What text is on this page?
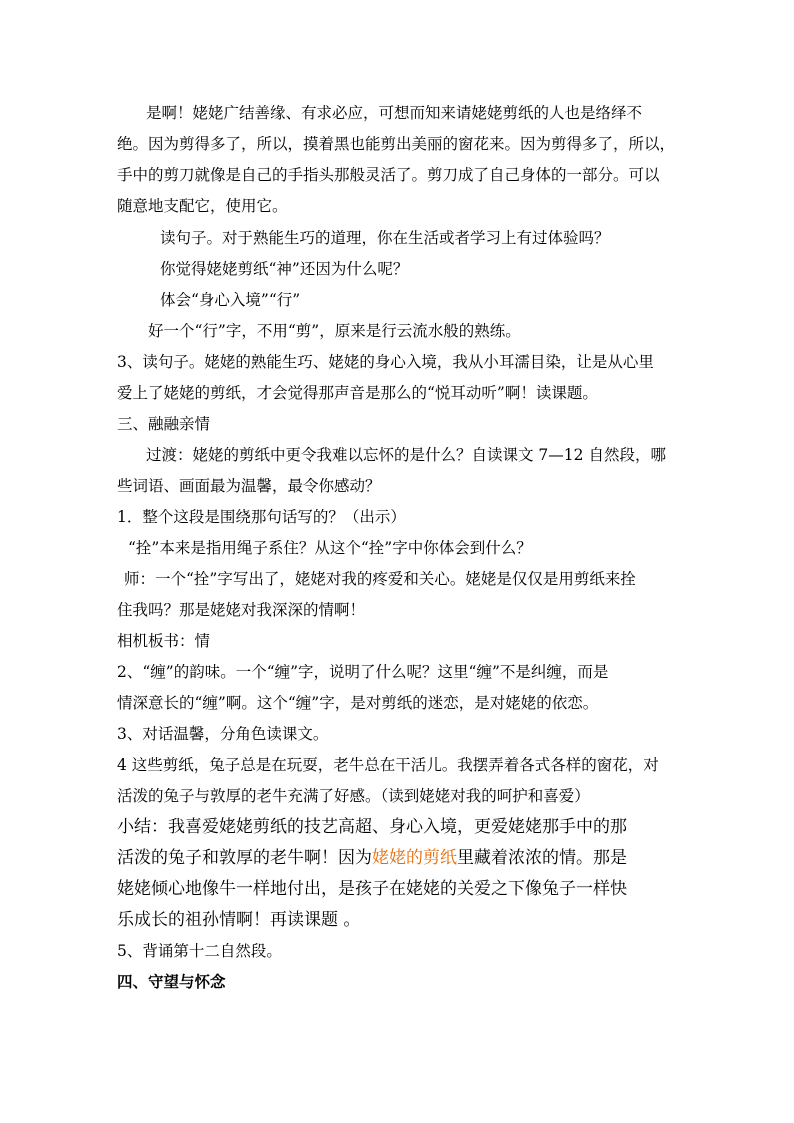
是啊！姥姥广结善缘、有求必应，可想而知来请姥姥剪纸的人也是络绎不
绝。因为剪得多了，所以，摸着黑也能剪出美丽的窗花来。因为剪得多了，所以，
手中的剪刀就像是自己的手指头那般灵活了。剪刀成了自己身体的一部分。可以
随意地支配它，使用它。
读句子。对于熟能生巧的道理，你在生活或者学习上有过体验吗？
你觉得姥姥剪纸“神”还因为什么呢？
体会“身心入境”“行”
好一个“行”字，不用“剪”，原来是行云流水般的熟练。
3、读句子。姥姥的熟能生巧、姥姥的身心入境，我从小耳濡目染，让是从心里
爱上了姥姥的剪纸，才会觉得那声音是那么的“悦耳动听”啊！读课题。
三、融融亲情
过渡：姥姥的剪纸中更令我难以忘怀的是什么？自读课文 7—12 自然段，哪
些词语、画面最为温馨，最令你感动？
1．整个这段是围绕那句话写的？（出示）
“拴”本来是指用绳子系住？从这个“拴”字中你体会到什么？
师：一个“拴”字写出了，姥姥对我的疼爱和关心。姥姥是仅仅是用剪纸来拴
住我吗？那是姥姥对我深深的情啊！
相机板书：情
2、“缠”的韵味。一个“缠”字，说明了什么呢？这里“缠”不是纠缠，而是
情深意长的“缠”啊。这个“缠”字，是对剪纸的迷恋，是对姥姥的依恋。
3、对话温馨，分角色读课文。
4 这些剪纸，兔子总是在玩耍，老牛总在干活儿。我摆弄着各式各样的窗花，对
活泼的兔子与敦厚的老牛充满了好感。（读到姥姥对我的呵护和喜爱）
小结：我喜爱姥姥剪纸的技艺高超、身心入境，更爱姥姥那手中的那
活泼的兔子和敦厚的老牛啊！因为姥姥的剪纸里藏着浓浓的情。那是
姥姥倾心地像牛一样地付出，是孩子在姥姥的关爱之下像兔子一样快
乐成长的祖孙情啊！再读课题 。
5、背诵第十二自然段。
四、守望与怀念
